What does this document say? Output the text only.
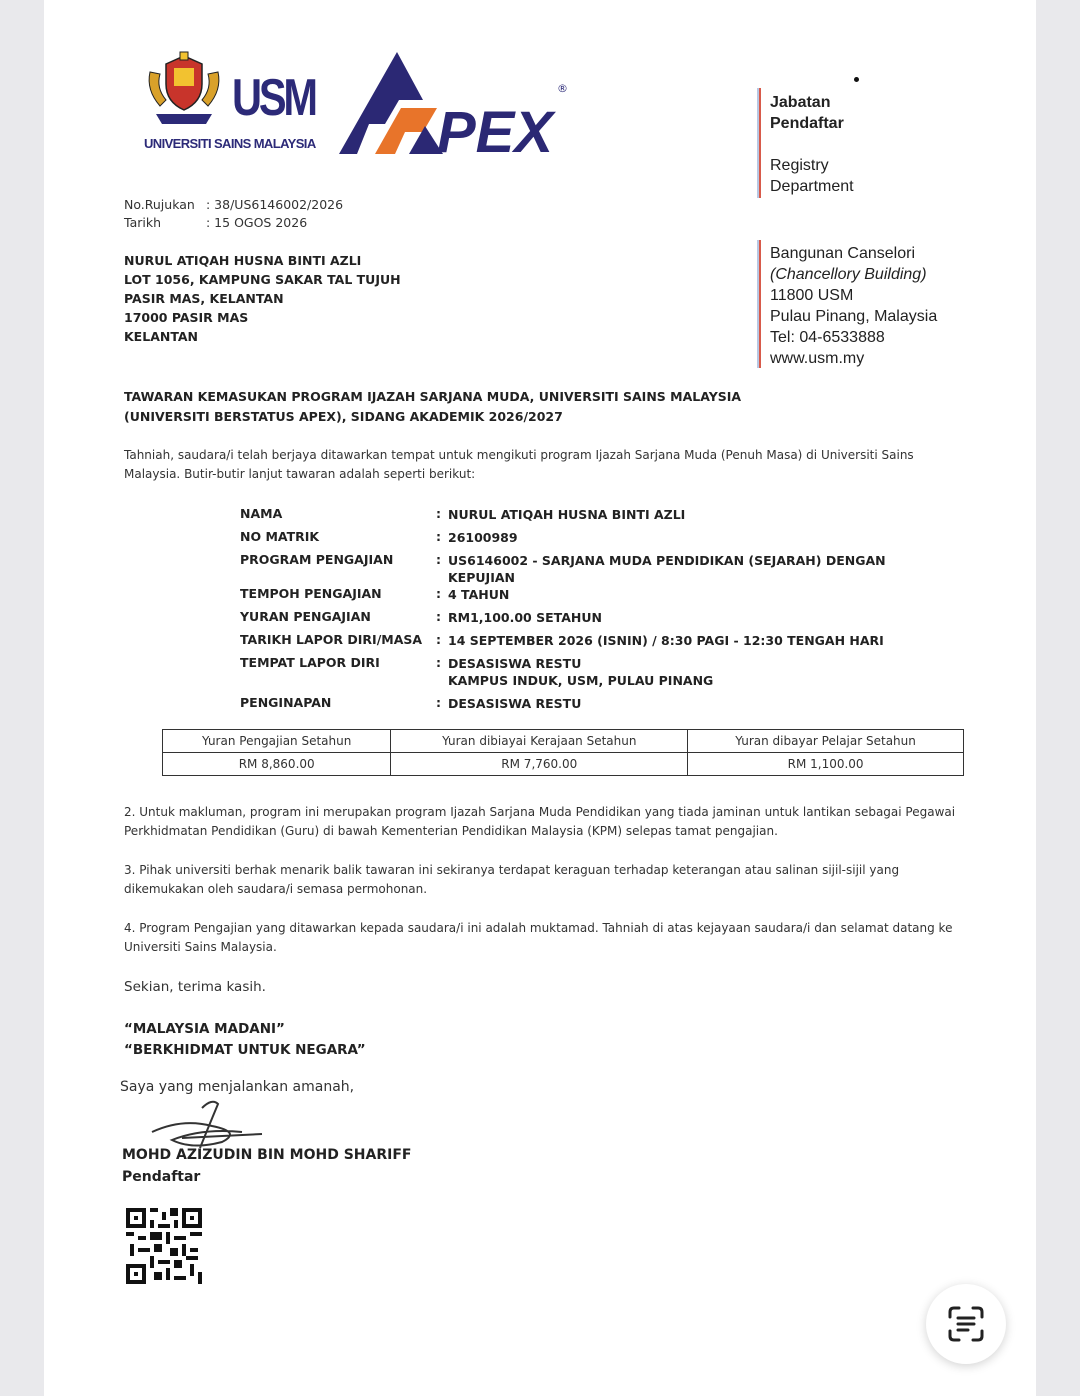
USM
UNIVERSITI SAINS MALAYSIA PEX
®
Jabatan
Pendaftar
Registry
Department
Bangunan Canselori
(Chancellory Building)
11800 USM
Pulau Pinang, Malaysia
Tel: 04-6533888
www.usm.my
No.Rujukan : 38/US6146002/2026
Tarikh	: 15 OGOS 2026
NURUL ATIQAH HUSNA BINTI AZLI
LOT 1056, KAMPUNG SAKAR TAL TUJUH
PASIR MAS, KELANTAN
17000 PASIR MAS
KELANTAN
TAWARAN KEMASUKAN PROGRAM IJAZAH SARJANA MUDA, UNIVERSITI SAINS MALAYSIA
(UNIVERSITI BERSTATUS APEX), SIDANG AKADEMIK 2026/2027
Tahniah, saudara/i telah berjaya ditawarkan tempat untuk mengikuti program Ijazah Sarjana Muda (Penuh Masa) di Universiti Sains Malaysia. Butir-butir lanjut tawaran adalah seperti berikut:
NAMA	: NURUL ATIQAH HUSNA BINTI AZLI
NO MATRIK	: 26100989
PROGRAM PENGAJIAN	: US6146002 - SARJANA MUDA PENDIDIKAN (SEJARAH) DENGAN KEPUJIAN
TEMPOH PENGAJIAN	: 4 TAHUN
YURAN PENGAJIAN	: RM1,100.00 SETAHUN
TARIKH LAPOR DIRI/MASA	: 14 SEPTEMBER 2026 (ISNIN) / 8:30 PAGI - 12:30 TENGAH HARI
TEMPAT LAPOR DIRI	: DESASISWA RESTU
KAMPUS INDUK, USM, PULAU PINANG
PENGINAPAN	: DESASISWA RESTU
Yuran Pengajian Setahun	Yuran dibiayai Kerajaan Setahun	Yuran dibayar Pelajar Setahun
RM 8,860.00	RM 7,760.00	RM 1,100.00
2. Untuk makluman, program ini merupakan program Ijazah Sarjana Muda Pendidikan yang tiada jaminan untuk lantikan sebagai Pegawai Perkhidmatan Pendidikan (Guru) di bawah Kementerian Pendidikan Malaysia (KPM) selepas tamat pengajian.
3. Pihak universiti berhak menarik balik tawaran ini sekiranya terdapat keraguan terhadap keterangan atau salinan sijil-sijil yang dikemukakan oleh saudara/i semasa permohonan.
4. Program Pengajian yang ditawarkan kepada saudara/i ini adalah muktamad. Tahniah di atas kejayaan saudara/i dan selamat datang ke Universiti Sains Malaysia.
Sekian, terima kasih.
“MALAYSIA MADANI”
“BERKHIDMAT UNTUK NEGARA”
Saya yang menjalankan amanah,
MOHD AZIZUDIN BIN MOHD SHARIFF
Pendaftar
